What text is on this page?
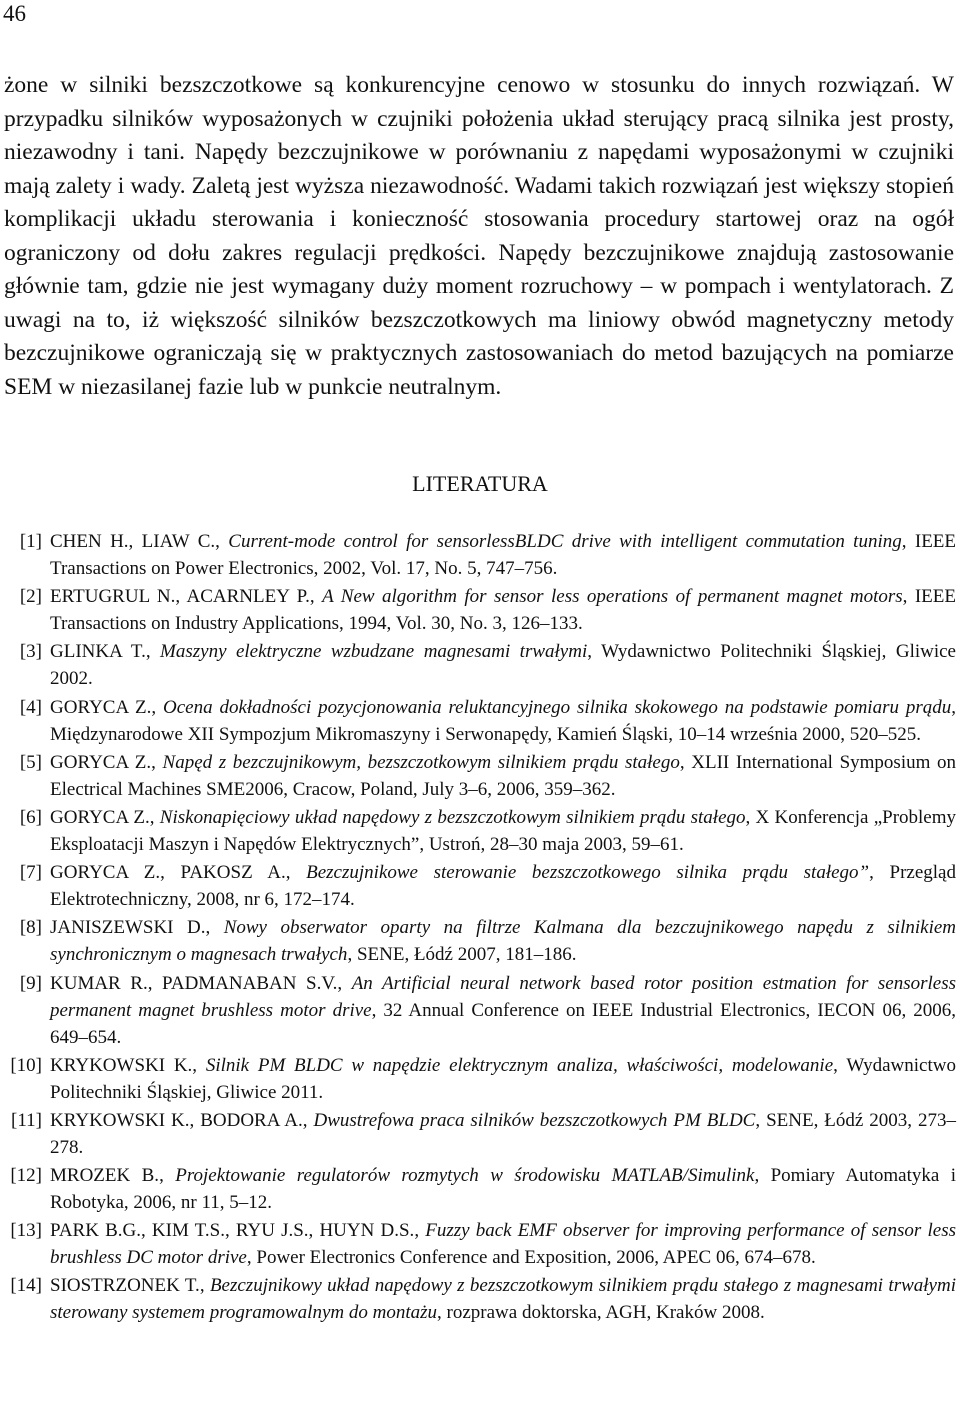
46
żone w silniki bezszczotkowe są konkurencyjne cenowo w stosunku do innych rozwiązań. W przypadku silników wyposażonych w czujniki położenia układ sterujący pracą silnika jest prosty, niezawodny i tani. Napędy bezczujnikowe w porównaniu z napędami wyposażonymi w czujniki mają zalety i wady. Zaletą jest wyższa niezawodność. Wadami takich rozwiązań jest większy stopień komplikacji układu sterowania i konieczność stosowania procedury startowej oraz na ogół ograniczony od dołu zakres regulacji prędkości. Napędy bezczujnikowe znajdują zastosowanie głównie tam, gdzie nie jest wymagany duży moment rozruchowy – w pompach i wentylatorach. Z uwagi na to, iż większość silników bezszczotkowych ma liniowy obwód magnetyczny metody bezczujnikowe ograniczają się w praktycznych zastosowaniach do metod bazujących na pomiarze SEM w niezasilanej fazie lub w punkcie neutralnym.
LITERATURA
[1] CHEN H., LIAW C., Current-mode control for sensorlessBLDC drive with intelligent commutation tuning, IEEE Transactions on Power Electronics, 2002, Vol. 17, No. 5, 747–756.
[2] ERTUGRUL N., ACARNLEY P., A New algorithm for sensor less operations of permanent magnet motors, IEEE Transactions on Industry Applications, 1994, Vol. 30, No. 3, 126–133.
[3] GLINKA T., Maszyny elektryczne wzbudzane magnesami trwałymi, Wydawnictwo Politechniki Śląskiej, Gliwice 2002.
[4] GORYCA Z., Ocena dokładności pozycjonowania reluktancyjnego silnika skokowego na podstawie pomiaru prądu, Międzynarodowe XII Sympozjum Mikromaszyny i Serwonapędy, Kamień Śląski, 10–14 września 2000, 520–525.
[5] GORYCA Z., Napęd z bezczujnikowym, bezszczotkowym silnikiem prądu stałego, XLII International Symposium on Electrical Machines SME2006, Cracow, Poland, July 3–6, 2006, 359–362.
[6] GORYCA Z., Niskonapięciowy układ napędowy z bezszczotkowym silnikiem prądu stałego, X Konferencja „Problemy Eksploatacji Maszyn i Napędów Elektrycznych”, Ustroń, 28–30 maja 2003, 59–61.
[7] GORYCA Z., PAKOSZ A., Bezczujnikowe sterowanie bezszczotkowego silnika prądu stałego”, Przegląd Elektrotechniczny, 2008, nr 6, 172–174.
[8] JANISZEWSKI D., Nowy obserwator oparty na filtrze Kalmana dla bezczujnikowego napędu z silnikiem synchronicznym o magnesach trwałych, SENE, Łódź 2007, 181–186.
[9] KUMAR R., PADMANABAN S.V., An Artificial neural network based rotor position estmation for sensorless permanent magnet brushless motor drive, 32 Annual Conference on IEEE Industrial Electronics, IECON 06, 2006, 649–654.
[10] KRYKOWSKI K., Silnik PM BLDC w napędzie elektrycznym analiza, właściwości, modelowanie, Wydawnictwo Politechniki Śląskiej, Gliwice 2011.
[11] KRYKOWSKI K., BODORA A., Dwustrefowa praca silników bezszczotkowych PM BLDC, SENE, Łódź 2003, 273–278.
[12] MROZEK B., Projektowanie regulatorów rozmytych w środowisku MATLAB/Simulink, Pomiary Automatyka i Robotyka, 2006, nr 11, 5–12.
[13] PARK B.G., KIM T.S., RYU J.S., HUYN D.S., Fuzzy back EMF observer for improving performance of sensor less brushless DC motor drive, Power Electronics Conference and Exposition, 2006, APEC 06, 674–678.
[14] SIOSTRZONEK T., Bezczujnikowy układ napędowy z bezszczotkowym silnikiem prądu stałego z magnesami trwałymi sterowany systemem programowalnym do montażu, rozprawa doktorska, AGH, Kraków 2008.
